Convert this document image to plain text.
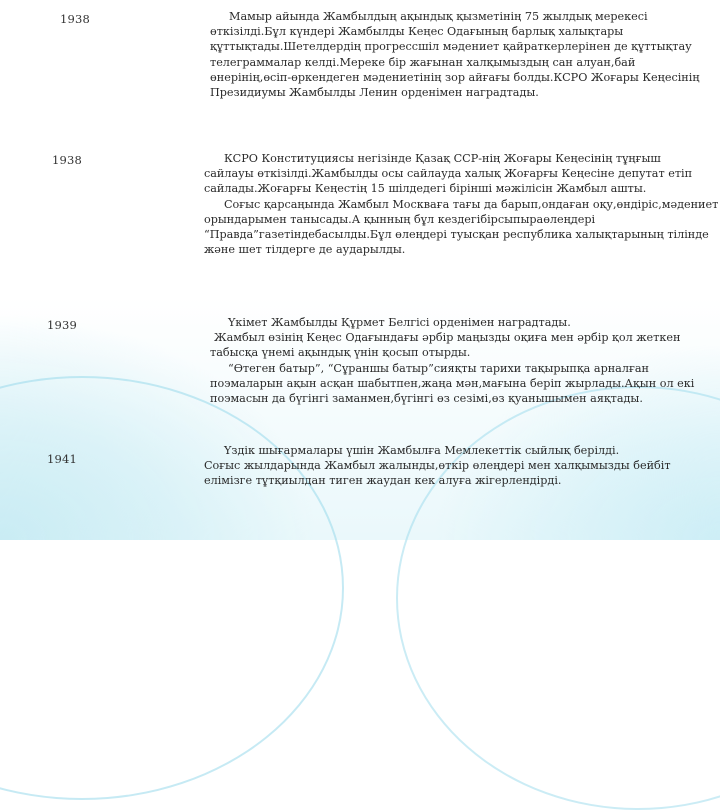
1938	Мамыр айында Жамбылдың ақындық қызметінің 75 жылдық мерекесі
өткізілді.Бұл күндері Жамбылды Кеңес Одағының барлық халықтары
құттықтады.Шетелдердің прогрессшіл мәдениет қайраткерлерінен де құттықтау
телеграммалар келді.Мереке бір жағынан халқымыздың сан алуан,бай
өнерінің,өсіп-өркендеген мәдениетінің зор айғағы болды.КСРО Жоғары Кеңесінің
Президиумы Жамбылды Ленин орденімен наградтады.
1938	КСРО Конституциясы негізінде Қазақ ССР-нің Жоғары Кеңесінің тұңғыш
сайлауы өткізілді.Жамбылды осы сайлауда халық Жоғарғы Кеңесіне депутат етіп
сайлады.Жоғарғы Кеңестің 15 шілдедегі бірінші мәжілісін Жамбыл ашты.
Соғыс қарсаңында Жамбыл Москваға тағы да барып,ондаған оқу,өндіріс,мәдениет
орындарымен танысады.А қынның бұл кездегібірсыпыраөлеңдері
“Правда”газетіндебасылды.Бұл өлеңдері туысқан республика халықтарының тілінде
және шет тілдерге де аударылды.
1939	Үкімет Жамбылды Құрмет Белгісі орденімен наградтады.
Жамбыл өзінің Кеңес Одағындағы әрбір маңызды оқиға мен әрбір қол жеткен
табысқа үнемі ақындық үнін қосып отырды.
“Өтеген батыр”, “Сұраншы батыр”сияқты тарихи тақырыпқа арналған
поэмаларын ақын асқан шабытпен,жаңа мән,мағына беріп жырлады.Ақын ол екі
поэмасын да бүгінгі заманмен,бүгінгі өз сезімі,өз қуанышымен аяқтады.
1941
Үздік шығармалары үшін Жамбылға Мемлекеттік сыйлық берілді.
Соғыс жылдарында Жамбыл жалынды,өткір өлеңдері мен халқымызды бейбіт
елімізге тұтқиылдан тиген жаудан кек алуға жігерлендірді.
